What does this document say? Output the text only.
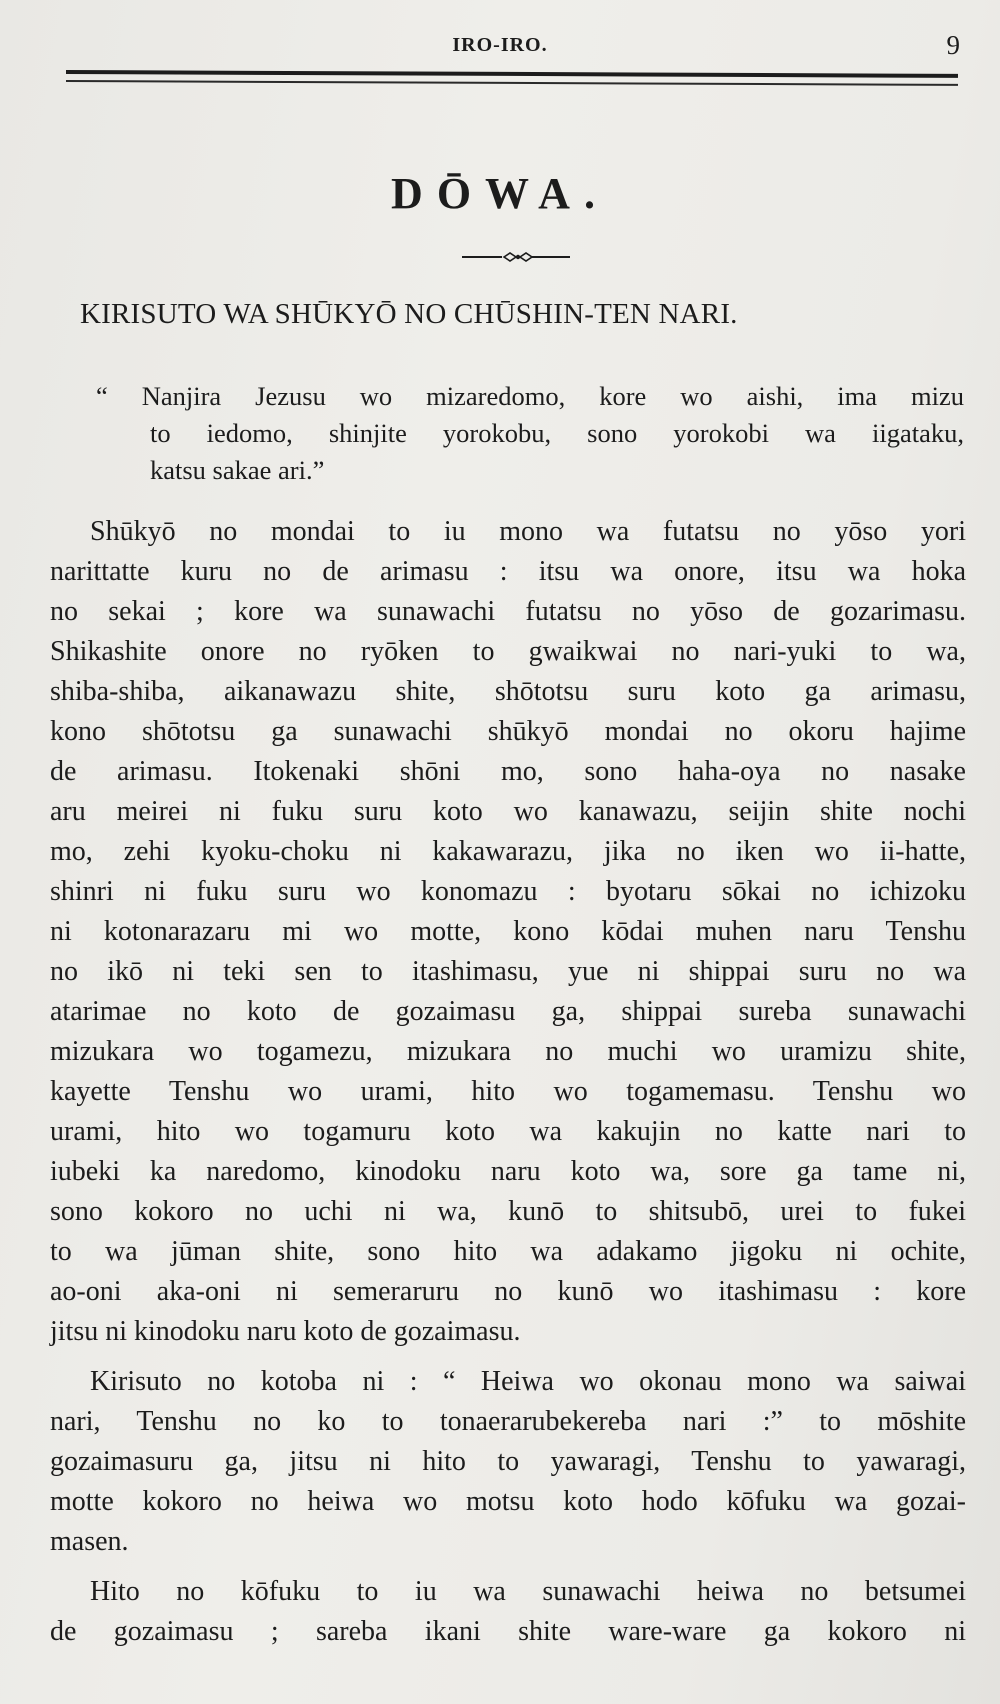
IRO-IRO.	9
DŌWA.
KIRISUTO WA SHŪKYŌ NO CHŪSHIN-TEN NARI.
“ Nanjira Jezusu wo mizaredomo, kore wo aishi, ima mizu
to iedomo, shinjite yorokobu, sono yorokobi wa iigataku,
katsu sakae ari.”
Shūkyō no mondai to iu mono wa futatsu no yōso yori
narittatte kuru no de arimasu : itsu wa onore, itsu wa hoka
no sekai ; kore wa sunawachi futatsu no yōso de gozarimasu.
Shikashite onore no ryōken to gwaikwai no nari-yuki to wa,
shiba-shiba, aikanawazu shite, shōtotsu suru koto ga arimasu,
kono shōtotsu ga sunawachi shūkyō mondai no okoru hajime
de arimasu. Itokenaki shōni mo, sono haha-oya no nasake
aru meirei ni fuku suru koto wo kanawazu, seijin shite nochi
mo, zehi kyoku-choku ni kakawarazu, jika no iken wo ii-hatte,
shinri ni fuku suru wo konomazu : byotaru sōkai no ichizoku
ni kotonarazaru mi wo motte, kono kōdai muhen naru Tenshu
no ikō ni teki sen to itashimasu, yue ni shippai suru no wa
atarimae no koto de gozaimasu ga, shippai sureba sunawachi
mizukara wo togamezu, mizukara no muchi wo uramizu shite,
kayette Tenshu wo urami, hito wo togamemasu. Tenshu wo
urami, hito wo togamuru koto wa kakujin no katte nari to
iubeki ka naredomo, kinodoku naru koto wa, sore ga tame ni,
sono kokoro no uchi ni wa, kunō to shitsubō, urei to fukei
to wa jūman shite, sono hito wa adakamo jigoku ni ochite,
ao-oni aka-oni ni semeraruru no kunō wo itashimasu : kore
jitsu ni kinodoku naru koto de gozaimasu.
Kirisuto no kotoba ni : “ Heiwa wo okonau mono wa saiwai
nari, Tenshu no ko to tonaerarubekereba nari :” to mōshite
gozaimasuru ga, jitsu ni hito to yawaragi, Tenshu to yawaragi,
motte kokoro no heiwa wo motsu koto hodo kōfuku wa gozai-
masen.
Hito no kōfuku to iu wa sunawachi heiwa no betsumei
de gozaimasu ; sareba ikani shite ware-ware ga kokoro ni
